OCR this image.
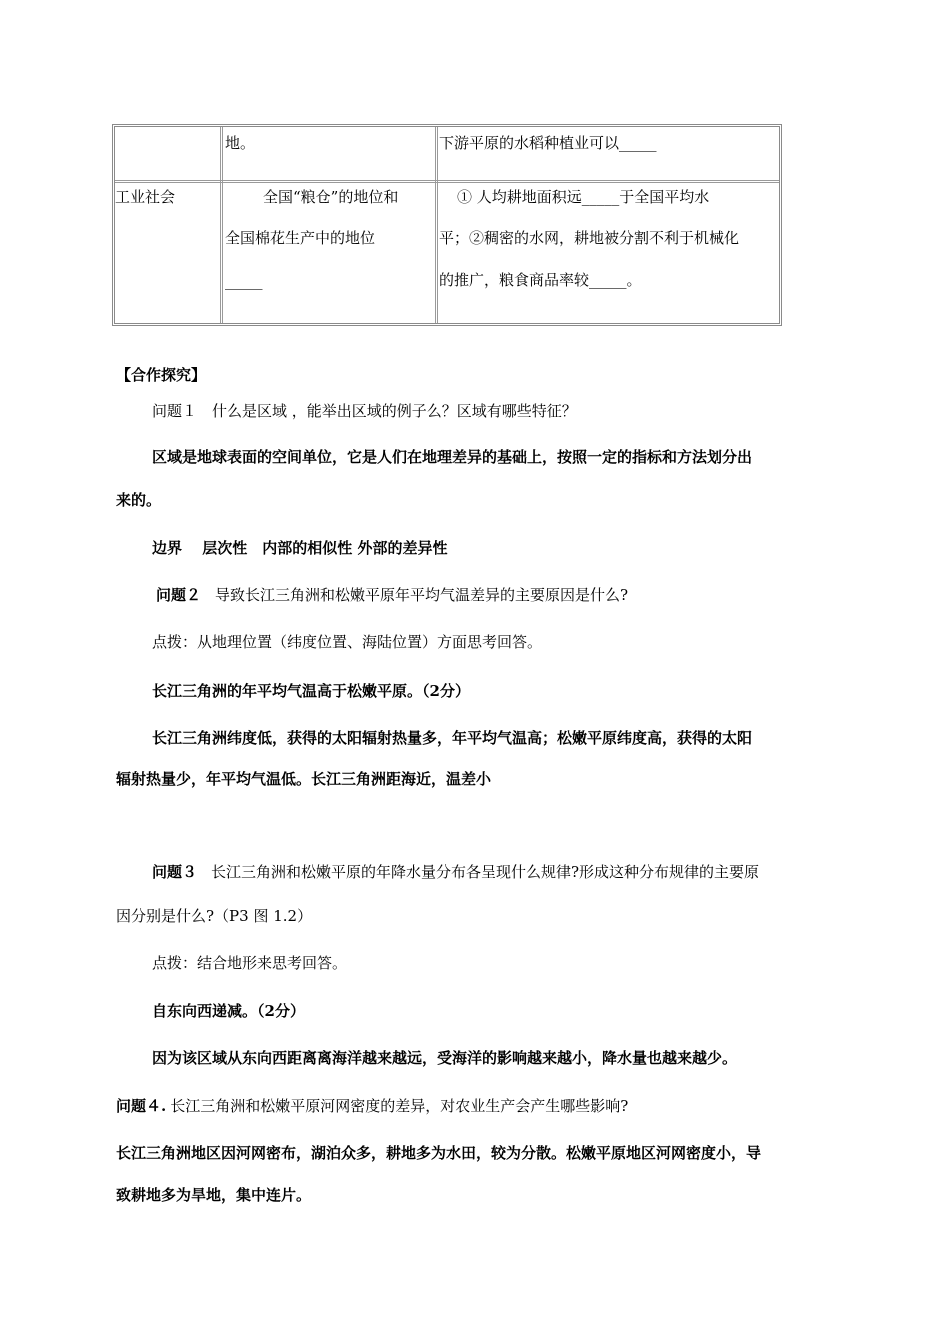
地。	下游平原的水稻种植业可以_____
工业社会	全国“粮仓”的地位和
全国棉花生产中的地位
_____
① 人均耕地面积远_____于全国平均水
平；②稠密的水网，耕地被分割不利于机械化
的推广，粮食商品率较_____。
【合作探究】
问题１　什么是区域 ，能举出区域的例子么？区域有哪些特征？
区域是地球表面的空间单位，它是人们在地理差异的基础上，按照一定的指标和方法划分出
来的。
边界　 层次性　内部的相似性 外部的差异性
问题２ 导致长江三角洲和松嫩平原年平均气温差异的主要原因是什么?
点拨：从地理位置（纬度位置、海陆位置）方面思考回答。
长江三角洲的年平均气温高于松嫩平原。（2分）
长江三角洲纬度低，获得的太阳辐射热量多，年平均气温高；松嫩平原纬度高，获得的太阳
辐射热量少，年平均气温低。长江三角洲距海近，温差小
问题３ 长江三角洲和松嫩平原的年降水量分布各呈现什么规律?形成这种分布规律的主要原
因分别是什么?（P3 图 1.2）
点拨：结合地形来思考回答。
自东向西递减。（2分）
因为该区域从东向西距离离海洋越来越远，受海洋的影响越来越小，降水量也越来越少。
问题４. 长江三角洲和松嫩平原河网密度的差异，对农业生产会产生哪些影响?
长江三角洲地区因河网密布，湖泊众多，耕地多为水田，较为分散。松嫩平原地区河网密度小，导
致耕地多为旱地，集中连片。
